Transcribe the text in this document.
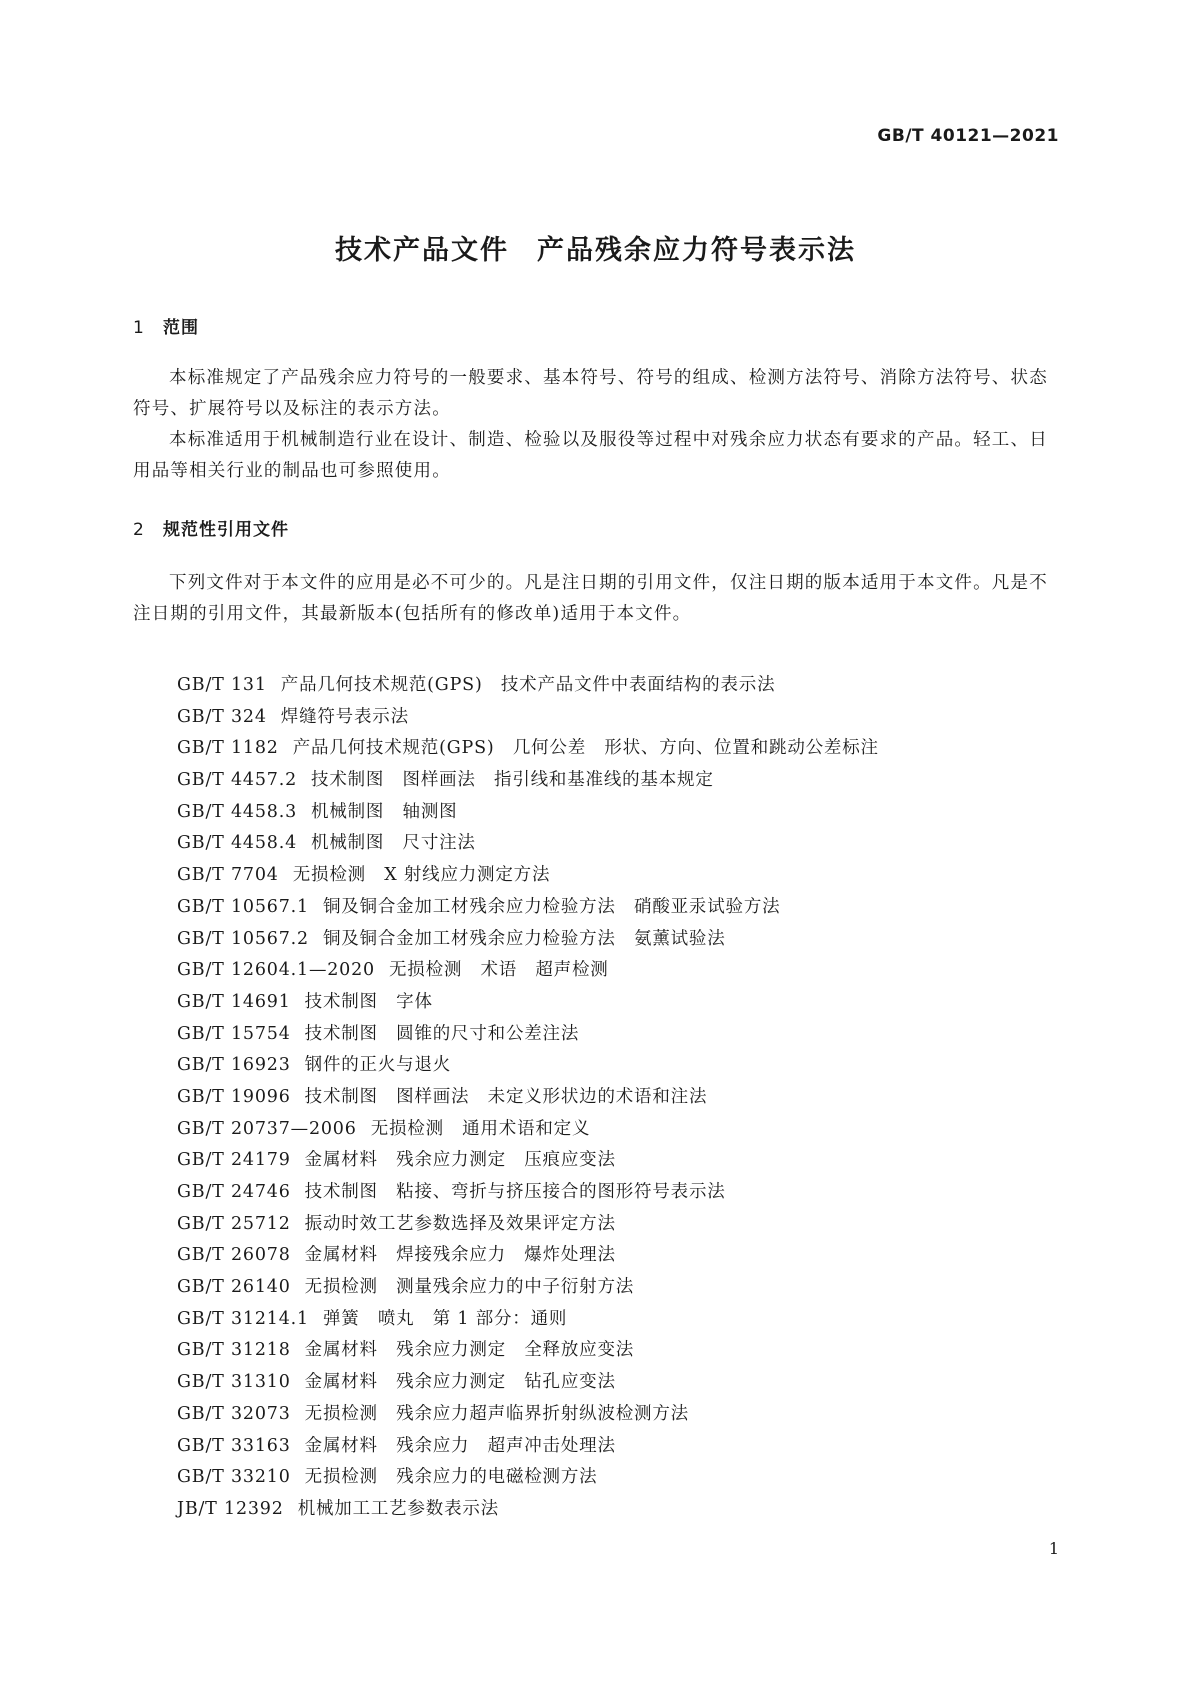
GB/T 40121—2021
技术产品文件 产品残余应力符号表示法
1 范围

本标准规定了产品残余应力符号的一般要求、基本符号、符号的组成、检测方法符号、消除方法符号、状态符号、扩展符号以及标注的表示方法。

本标准适用于机械制造行业在设计、制造、检验以及服役等过程中对残余应力状态有要求的产品。轻工、日用品等相关行业的制品也可参照使用。

2 规范性引用文件

下列文件对于本文件的应用是必不可少的。凡是注日期的引用文件，仅注日期的版本适用于本文件。凡是不注日期的引用文件，其最新版本(包括所有的修改单)适用于本文件。

GB/T 131 产品几何技术规范(GPS)　技术产品文件中表面结构的表示法
GB/T 324 焊缝符号表示法
GB/T 1182 产品几何技术规范(GPS)　几何公差　形状、方向、位置和跳动公差标注
GB/T 4457.2 技术制图　图样画法　指引线和基准线的基本规定
GB/T 4458.3 机械制图　轴测图
GB/T 4458.4 机械制图　尺寸注法
GB/T 7704 无损检测　X 射线应力测定方法
GB/T 10567.1 铜及铜合金加工材残余应力检验方法　硝酸亚汞试验方法
GB/T 10567.2 铜及铜合金加工材残余应力检验方法　氨薰试验法
GB/T 12604.1—2020 无损检测　术语　超声检测
GB/T 14691 技术制图　字体
GB/T 15754 技术制图　圆锥的尺寸和公差注法
GB/T 16923 钢件的正火与退火
GB/T 19096 技术制图　图样画法　未定义形状边的术语和注法
GB/T 20737—2006 无损检测　通用术语和定义
GB/T 24179 金属材料　残余应力测定　压痕应变法
GB/T 24746 技术制图　粘接、弯折与挤压接合的图形符号表示法
GB/T 25712 振动时效工艺参数选择及效果评定方法
GB/T 26078 金属材料　焊接残余应力　爆炸处理法
GB/T 26140 无损检测　测量残余应力的中子衍射方法
GB/T 31214.1 弹簧　喷丸　第 1 部分：通则
GB/T 31218 金属材料　残余应力测定　全释放应变法
GB/T 31310 金属材料　残余应力测定　钻孔应变法
GB/T 32073 无损检测　残余应力超声临界折射纵波检测方法
GB/T 33163 金属材料　残余应力　超声冲击处理法
GB/T 33210 无损检测　残余应力的电磁检测方法
JB/T 12392 机械加工工艺参数表示法
1
